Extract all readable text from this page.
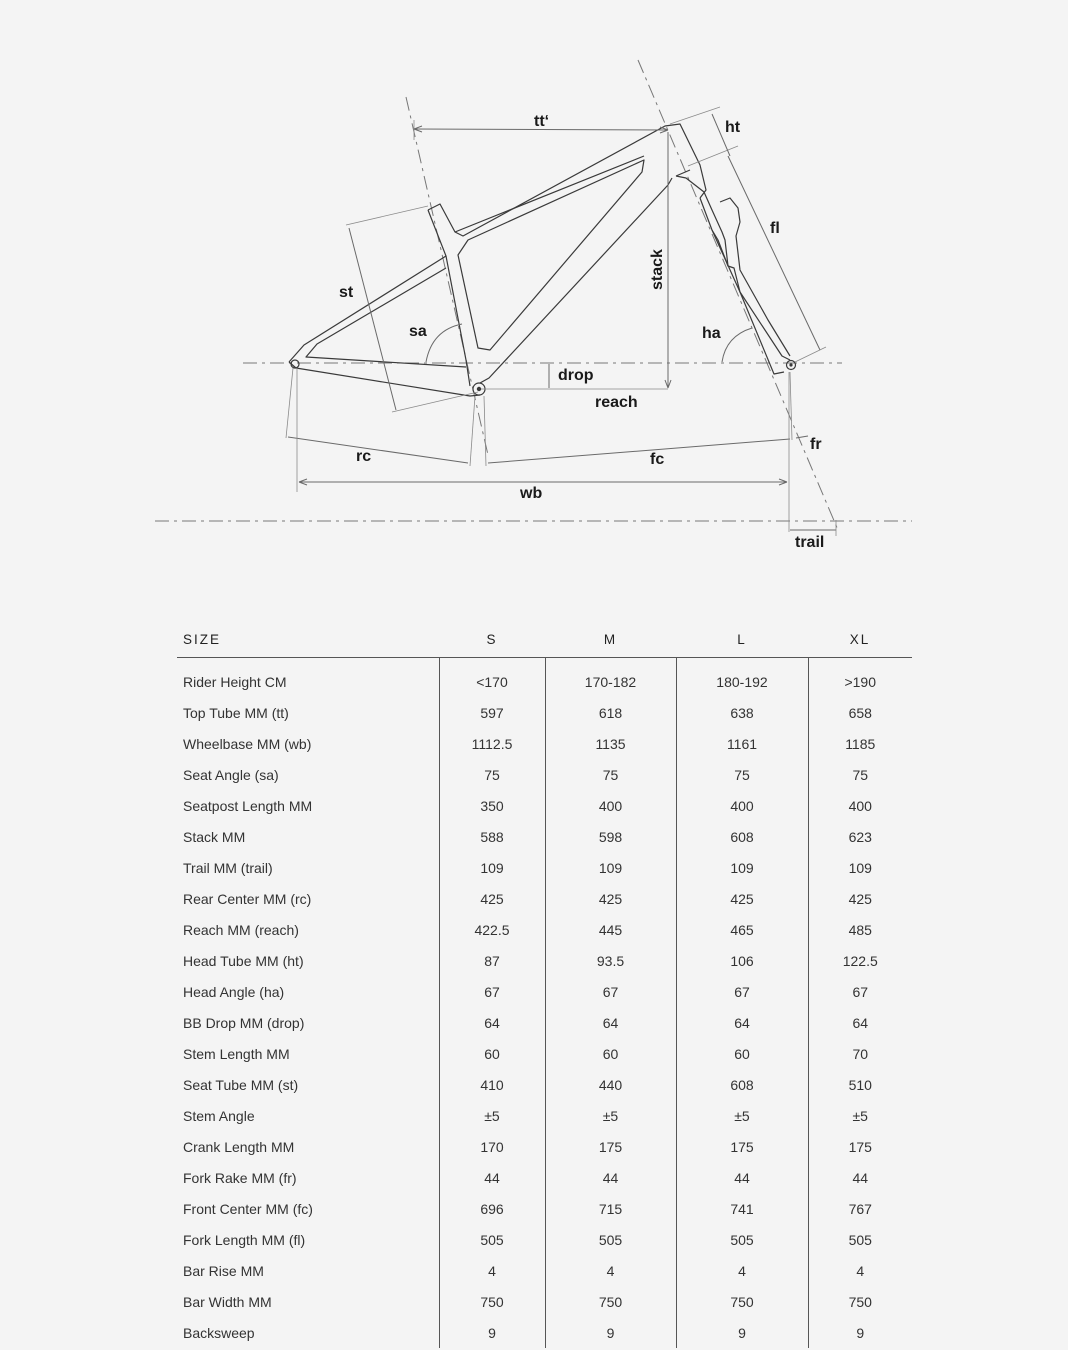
tt‘	ht
fl
stack
st
sa	ha
drop
reach
rc	fc
fr
wb
trail
SIZE	S	M	L	XL
Rider Height CM	<170	170-182	180-192	>190
Top Tube MM (tt)	597	618	638	658
Wheelbase MM (wb)	1112.5	1135	1161	1185
Seat Angle (sa)	75	75	75	75
Seatpost Length MM	350	400	400	400
Stack MM	588	598	608	623
Trail MM (trail)	109	109	109	109
Rear Center MM (rc)	425	425	425	425
Reach MM (reach)	422.5	445	465	485
Head Tube MM (ht)	87	93.5	106	122.5
Head Angle (ha)	67	67	67	67
BB Drop MM (drop)	64	64	64	64
Stem Length MM	60	60	60	70
Seat Tube MM (st)	410	440	608	510
Stem Angle	±5	±5	±5	±5
Crank Length MM	170	175	175	175
Fork Rake MM (fr)	44	44	44	44
Front Center MM (fc)	696	715	741	767
Fork Length MM (fl)	505	505	505	505
Bar Rise MM	4	4	4	4
Bar Width MM	750	750	750	750
Backsweep	9	9	9	9
